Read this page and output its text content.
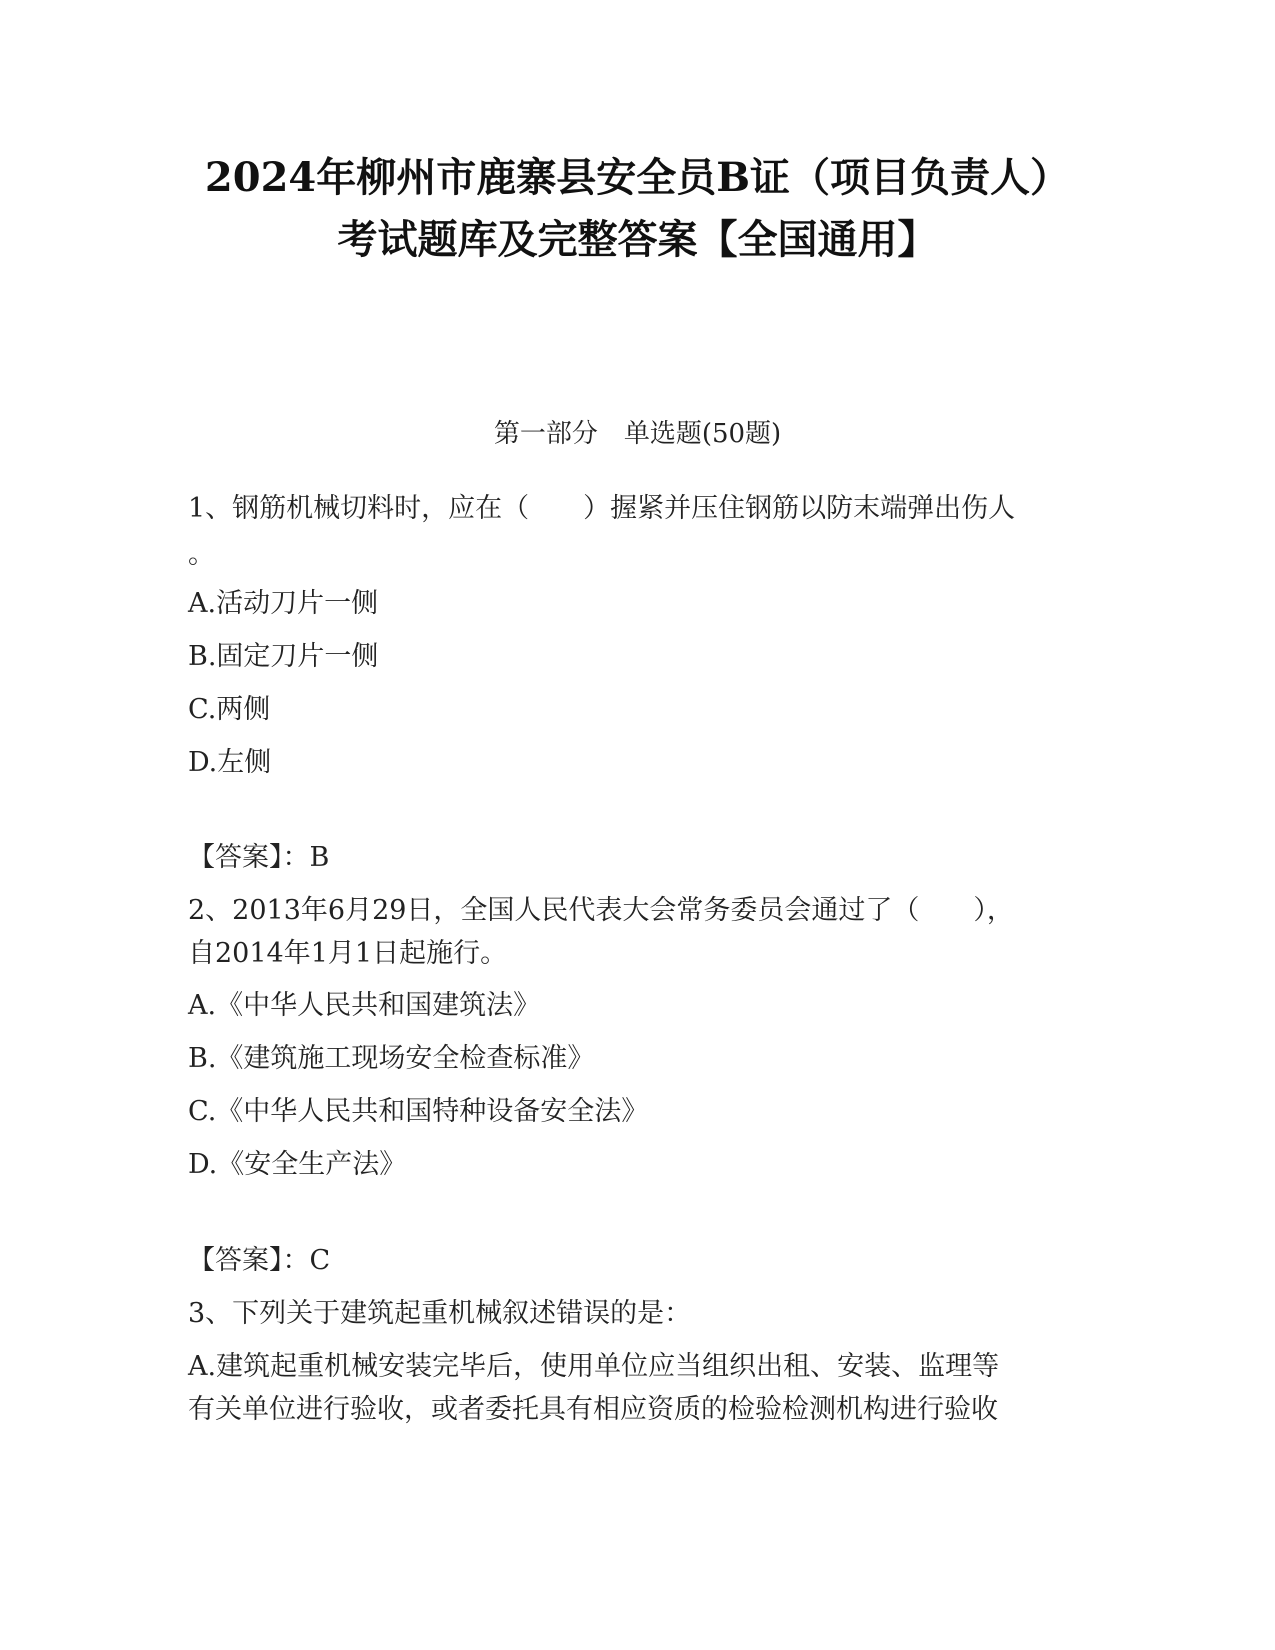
2024年柳州市鹿寨县安全员B证（项目负责人）
考试题库及完整答案【全国通用】
第一部分　单选题(50题)
1、钢筋机械切料时，应在（　　）握紧并压住钢筋以防末端弹出伤人
。
A.活动刀片一侧
B.固定刀片一侧
C.两侧
D.左侧
【答案】：B
2、2013年6月29日，全国人民代表大会常务委员会通过了（　　），
自2014年1月1日起施行。
A.《中华人民共和国建筑法》
B.《建筑施工现场安全检查标准》
C.《中华人民共和国特种设备安全法》
D.《安全生产法》
【答案】：C
3、下列关于建筑起重机械叙述错误的是：
A.建筑起重机械安装完毕后，使用单位应当组织出租、安装、监理等
有关单位进行验收，或者委托具有相应资质的检验检测机构进行验收
